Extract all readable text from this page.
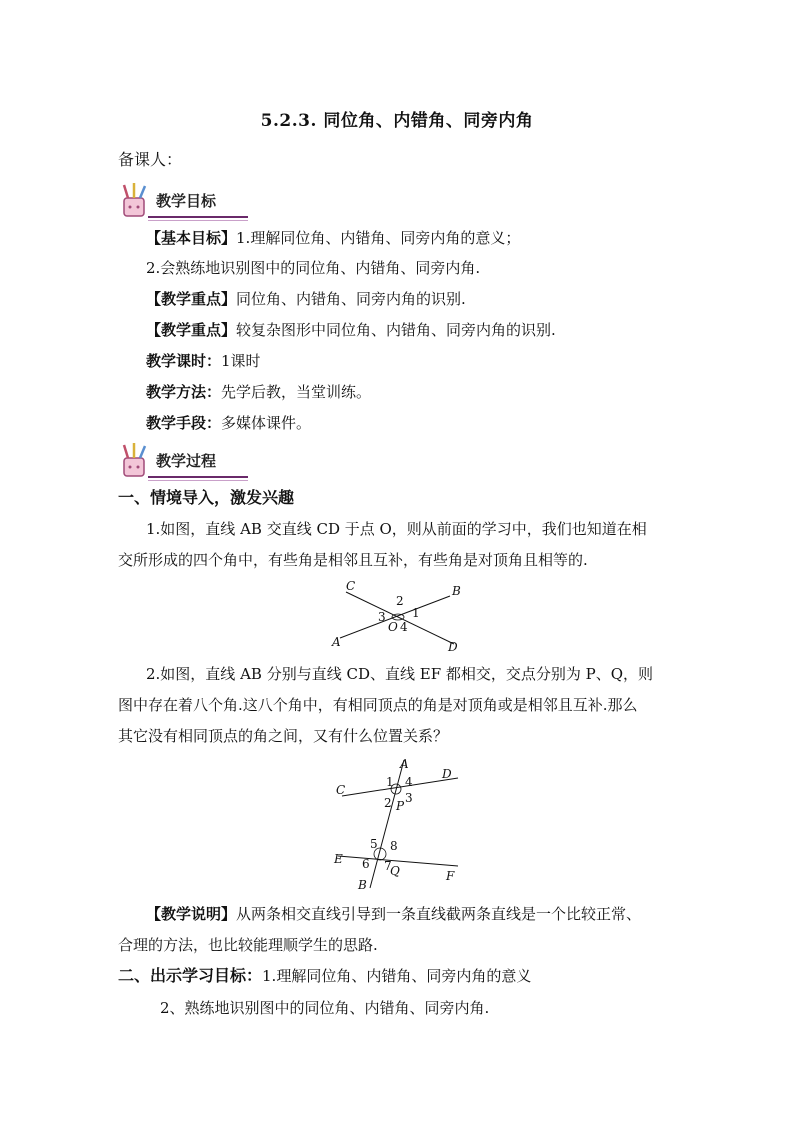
5.2.3. 同位角、内错角、同旁内角
备课人：
教学目标
【基本目标】1.理解同位角、内错角、同旁内角的意义；
2.会熟练地识别图中的同位角、内错角、同旁内角.
【教学重点】同位角、内错角、同旁内角的识别.
【教学重点】较复杂图形中同位角、内错角、同旁内角的识别.
教学课时：1课时
教学方法：先学后教，当堂训练。
教学手段：多媒体课件。
教学过程
一、情境导入，激发兴趣
1.如图，直线 AB 交直线 CD 于点 O，则从前面的学习中，我们也知道在相
交所形成的四个角中，有些角是相邻且互补，有些角是对顶角且相等的.
C	B
A	D
O
1
2
3
4
2.如图，直线 AB 分别与直线 CD、直线 EF 都相交，交点分别为 P、Q，则
图中存在着八个角.这八个角中，有相同顶点的角是对顶角或是相邻且互补.那么
其它没有相同顶点的角之间，又有什么位置关系？
A
D
C
P
B
E
F
Q
1
2 3
4
5
6 7
8
【教学说明】从两条相交直线引导到一条直线截两条直线是一个比较正常、
合理的方法，也比较能理顺学生的思路.
二、出示学习目标：1.理解同位角、内错角、同旁内角的意义
2、熟练地识别图中的同位角、内错角、同旁内角.
